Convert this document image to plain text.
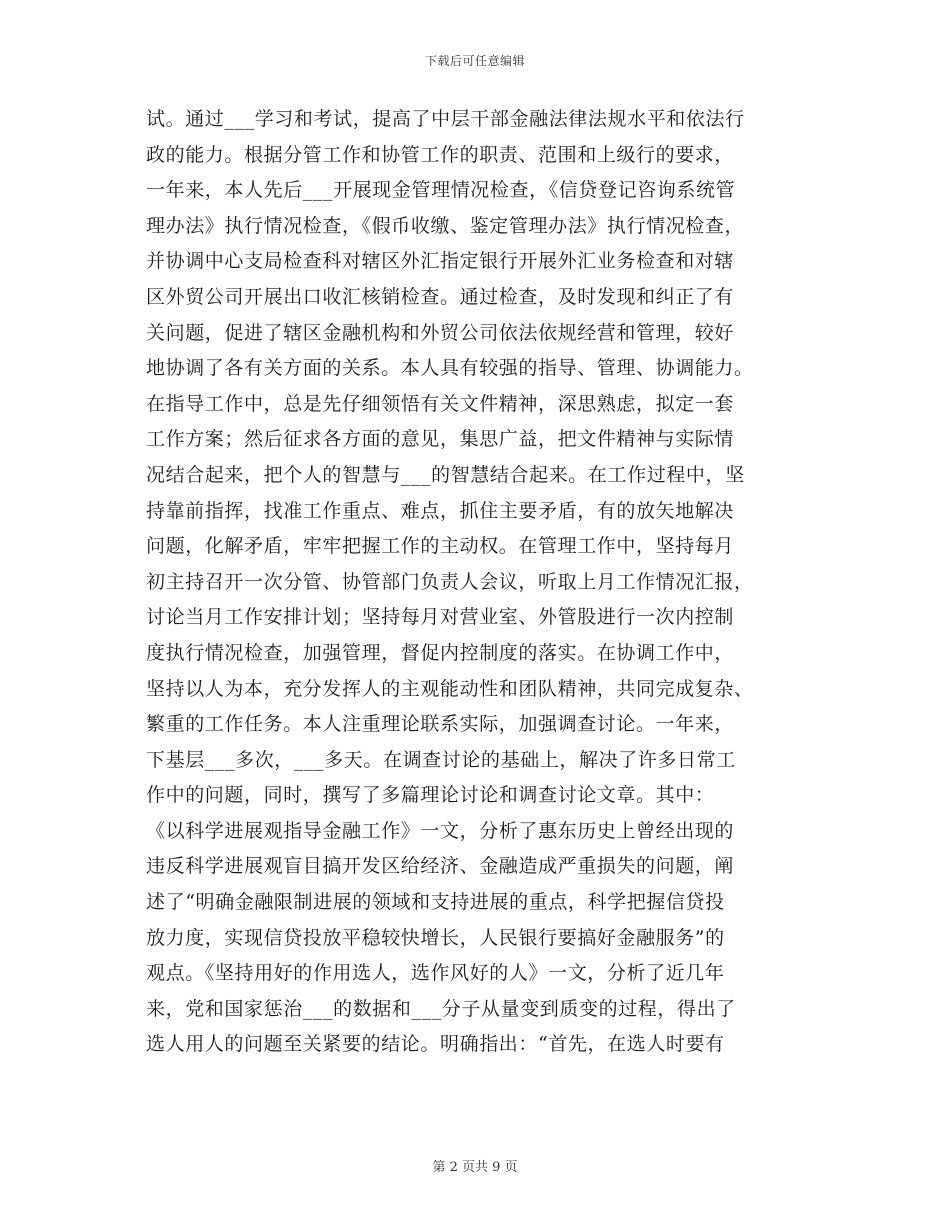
下载后可任意编辑
试。通过___学习和考试，提高了中层干部金融法律法规水平和依法行
政的能力。根据分管工作和协管工作的职责、范围和上级行的要求，
一年来，本人先后___开展现金管理情况检查，《信贷登记咨询系统管
理办法》执行情况检查，《假币收缴、鉴定管理办法》执行情况检查，
并协调中心支局检查科对辖区外汇指定银行开展外汇业务检查和对辖
区外贸公司开展出口收汇核销检查。通过检查，及时发现和纠正了有
关问题，促进了辖区金融机构和外贸公司依法依规经营和管理，较好
地协调了各有关方面的关系。本人具有较强的指导、管理、协调能力。
在指导工作中，总是先仔细领悟有关文件精神，深思熟虑，拟定一套
工作方案；然后征求各方面的意见，集思广益，把文件精神与实际情
况结合起来，把个人的智慧与___的智慧结合起来。在工作过程中，坚
持靠前指挥，找准工作重点、难点，抓住主要矛盾，有的放矢地解决
问题，化解矛盾，牢牢把握工作的主动权。在管理工作中，坚持每月
初主持召开一次分管、协管部门负责人会议，听取上月工作情况汇报，
讨论当月工作安排计划；坚持每月对营业室、外管股进行一次内控制
度执行情况检查，加强管理，督促内控制度的落实。在协调工作中，
坚持以人为本，充分发挥人的主观能动性和团队精神，共同完成复杂、
繁重的工作任务。本人注重理论联系实际，加强调查讨论。一年来，
下基层___多次，___多天。在调查讨论的基础上，解决了许多日常工
作中的问题，同时，撰写了多篇理论讨论和调查讨论文章。其中：
《以科学进展观指导金融工作》一文，分析了惠东历史上曾经出现的
违反科学进展观盲目搞开发区给经济、金融造成严重损失的问题，阐
述了“明确金融限制进展的领域和支持进展的重点，科学把握信贷投
放力度，实现信贷投放平稳较快增长，人民银行要搞好金融服务”的
观点。《坚持用好的作用选人，选作风好的人》一文，分析了近几年
来，党和国家惩治___的数据和___分子从量变到质变的过程，得出了
选人用人的问题至关紧要的结论。明确指出：“首先，在选人时要有
第 2 页共 9 页
